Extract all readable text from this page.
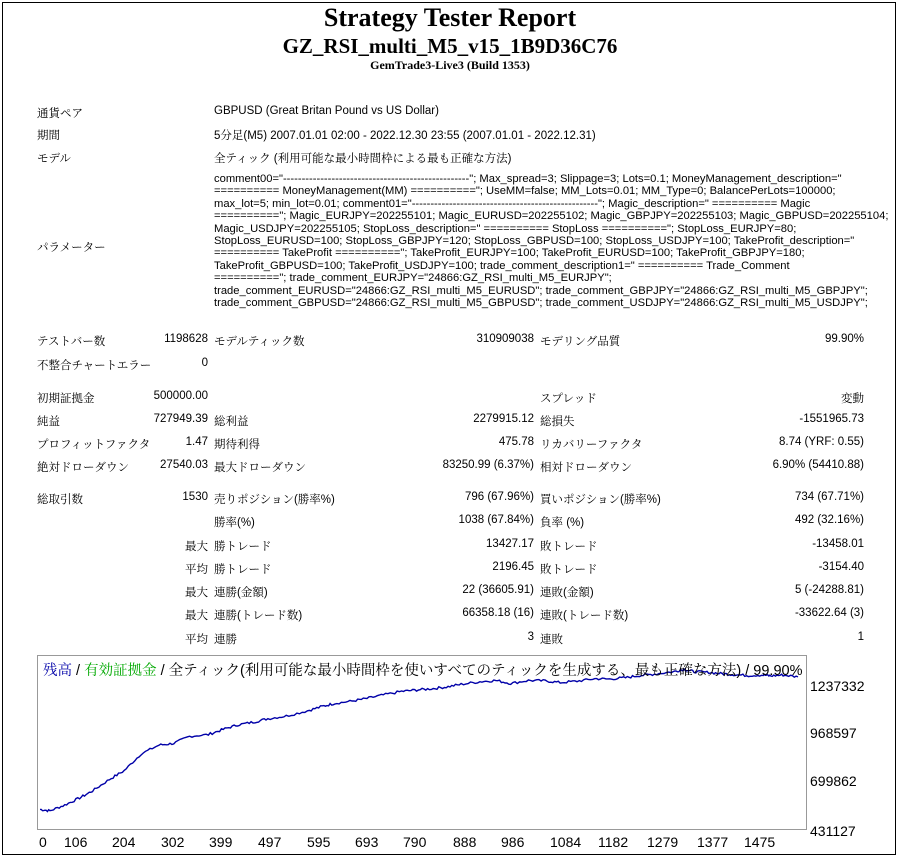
Strategy Tester Report
GZ_RSI_multi_M5_v15_1B9D36C76
GemTrade3-Live3 (Build 1353)
通貨ペア	GBPUSD (Great Britan Pound vs US Dollar)
期間	5分足(M5) 2007.01.01 02:00 - 2022.12.30 23:55 (2007.01.01 - 2022.12.31)
モデル	全ティック (利用可能な最小時間枠による最も正確な方法)
パラメーター
comment00="--------------------------------------------------"; Max_spread=3; Slippage=3; Lots=0.1; MoneyManagement_description="
========== MoneyManagement(MM) =========="; UseMM=false; MM_Lots=0.01; MM_Type=0; BalancePerLots=100000;
max_lot=5; min_lot=0.01; comment01="--------------------------------------------------"; Magic_description=" ========== Magic
=========="; Magic_EURJPY=202255101; Magic_EURUSD=202255102; Magic_GBPJPY=202255103; Magic_GBPUSD=202255104;
Magic_USDJPY=202255105; StopLoss_description=" ========== StopLoss =========="; StopLoss_EURJPY=80;
StopLoss_EURUSD=100; StopLoss_GBPJPY=120; StopLoss_GBPUSD=100; StopLoss_USDJPY=100; TakeProfit_description="
========== TakeProfit =========="; TakeProfit_EURJPY=100; TakeProfit_EURUSD=100; TakeProfit_GBPJPY=180;
TakeProfit_GBPUSD=100; TakeProfit_USDJPY=100; trade_comment_description1=" ========== Trade_Comment
=========="; trade_comment_EURJPY="24866:GZ_RSI_multi_M5_EURJPY";
trade_comment_EURUSD="24866:GZ_RSI_multi_M5_EURUSD"; trade_comment_GBPJPY="24866:GZ_RSI_multi_M5_GBPJPY";
trade_comment_GBPUSD="24866:GZ_RSI_multi_M5_GBPUSD"; trade_comment_USDJPY="24866:GZ_RSI_multi_M5_USDJPY";
テストバー数	1198628 モデルティック数	310909038 モデリング品質	99.90%
不整合チャートエラー	0
初期証拠金	500000.00	スプレッド	変動
純益	727949.39 総利益	2279915.12 総損失	-1551965.73
プロフィットファクタ	1.47 期待利得	475.78 リカバリーファクタ	8.74 (YRF: 0.55)
絶対ドローダウン	27540.03 最大ドローダウン	83250.99 (6.37%) 相対ドローダウン	6.90% (54410.88)
総取引数	1530 売りポジション(勝率%)	796 (67.96%) 買いポジション(勝率%)	734 (67.71%)
勝率(%)	1038 (67.84%) 負率 (%)	492 (32.16%)
最大 勝トレード	13427.17 敗トレード	-13458.01
平均 勝トレード	2196.45 敗トレード	-3154.40
最大 連勝(金額)	22 (36605.91) 連敗(金額)	5 (-24288.81)
最大 連勝(トレード数)	66358.18 (16) 連敗(トレード数)	-33622.64 (3)
平均 連勝	3 連敗	1
残高 / 有効証拠金 / 全ティック(利用可能な最小時間枠を使いすべてのティックを生成する、最も正確な方法) / 99.90%
1237332
968597
699862
431127
0 106 204 302 399 497 595 693 790 888 986 1084 1182 1279 1377 1475
